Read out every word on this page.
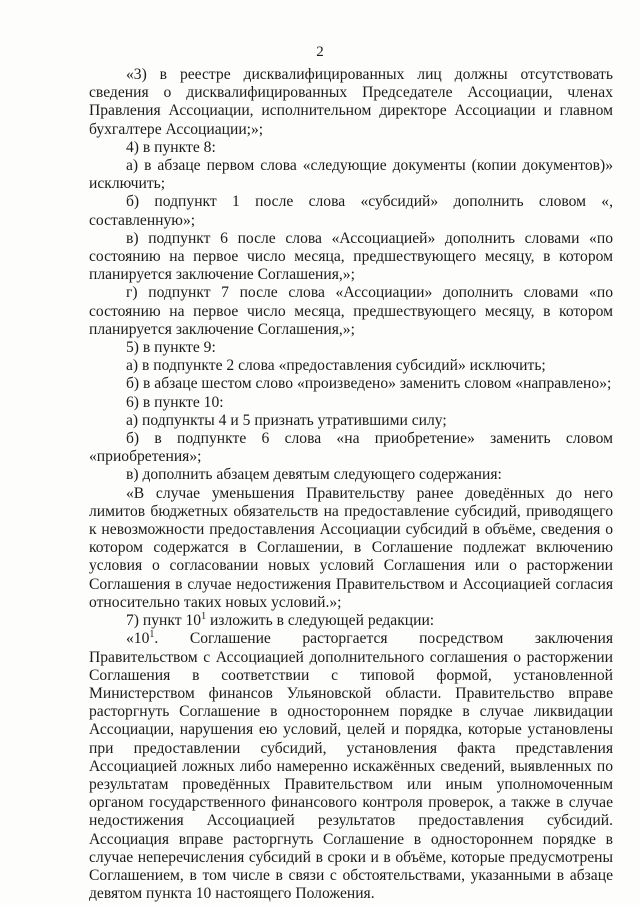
2

«3) в реестре дисквалифицированных лиц должны отсутствовать сведения о дисквалифицированных Председателе Ассоциации, членах Правления Ассоциации, исполнительном директоре Ассоциации и главном бухгалтере Ассоциации;»;

4) в пункте 8:

а) в абзаце первом слова «следующие документы (копии документов)» исключить;

б) подпункт 1 после слова «субсидий» дополнить словом «, составленную»;

в) подпункт 6 после слова «Ассоциацией» дополнить словами «по состоянию на первое число месяца, предшествующего месяцу, в котором планируется заключение Соглашения,»;

г) подпункт 7 после слова «Ассоциации» дополнить словами «по состоянию на первое число месяца, предшествующего месяцу, в котором планируется заключение Соглашения,»;

5) в пункте 9:

а) в подпункте 2 слова «предоставления субсидий» исключить;

б) в абзаце шестом слово «произведено» заменить словом «направлено»;

6) в пункте 10:

а) подпункты 4 и 5 признать утратившими силу;

б) в подпункте 6 слова «на приобретение» заменить словом «приобретения»;

в) дополнить абзацем девятым следующего содержания:

«В случае уменьшения Правительству ранее доведённых до него лимитов бюджетных обязательств на предоставление субсидий, приводящего к невозможности предоставления Ассоциации субсидий в объёме, сведения о котором содержатся в Соглашении, в Соглашение подлежат включению условия о согласовании новых условий Соглашения или о расторжении Соглашения в случае недостижения Правительством и Ассоциацией согласия относительно таких новых условий.»;

7) пункт $10^1$ изложить в следующей редакции:

«$10^1$. Соглашение расторгается посредством заключения Правительством с Ассоциацией дополнительного соглашения о расторжении Соглашения в соответствии с типовой формой, установленной Министерством финансов Ульяновской области. Правительство вправе расторгнуть Соглашение в одностороннем порядке в случае ликвидации Ассоциации, нарушения ею условий, целей и порядка, которые установлены при предоставлении субсидий, установления факта представления Ассоциацией ложных либо намеренно искажённых сведений, выявленных по результатам проведённых Правительством или иным уполномоченным органом государственного финансового контроля проверок, а также в случае недостижения Ассоциацией результатов предоставления субсидий. Ассоциация вправе расторгнуть Соглашение в одностороннем порядке в случае неперечисления субсидий в сроки и в объёме, которые предусмотрены Соглашением, в том числе в связи с обстоятельствами, указанными в абзаце девятом пункта 10 настоящего Положения.
